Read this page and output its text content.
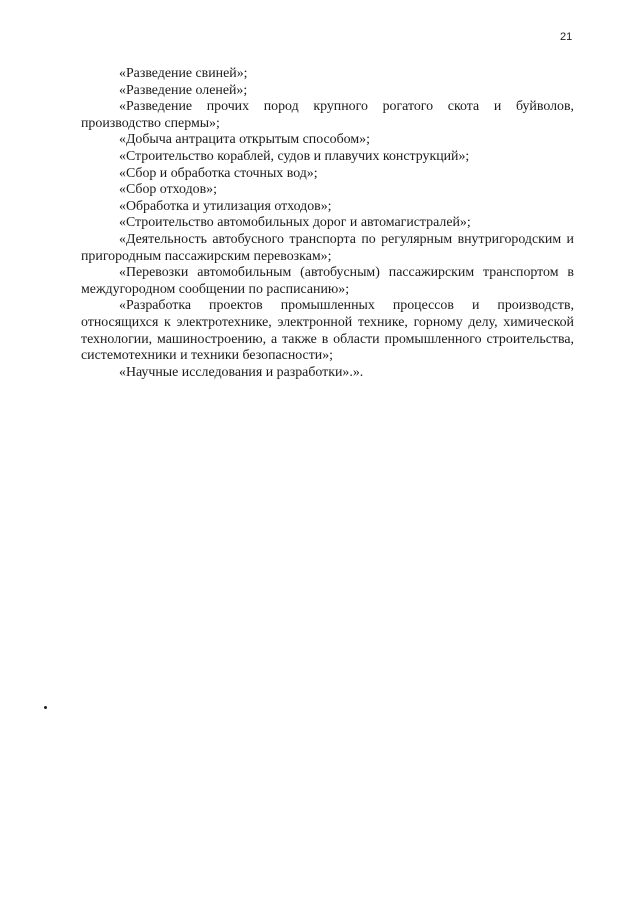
21

«Разведение свиней»;

«Разведение оленей»;

«Разведение прочих пород крупного рогатого скота и буйволов, производство спермы»;

«Добыча антрацита открытым способом»;

«Строительство кораблей, судов и плавучих конструкций»;

«Сбор и обработка сточных вод»;

«Сбор отходов»;

«Обработка и утилизация отходов»;

«Строительство автомобильных дорог и автомагистралей»;

«Деятельность автобусного транспорта по регулярным внутригородским и пригородным пассажирским перевозкам»;

«Перевозки автомобильным (автобусным) пассажирским транспортом в междугородном сообщении по расписанию»;

«Разработка проектов промышленных процессов и производств, относящихся к электротехнике, электронной технике, горному делу, химической технологии, машиностроению, а также в области промышленного строительства, системотехники и техники безопасности»;

«Научные исследования и разработки».».
